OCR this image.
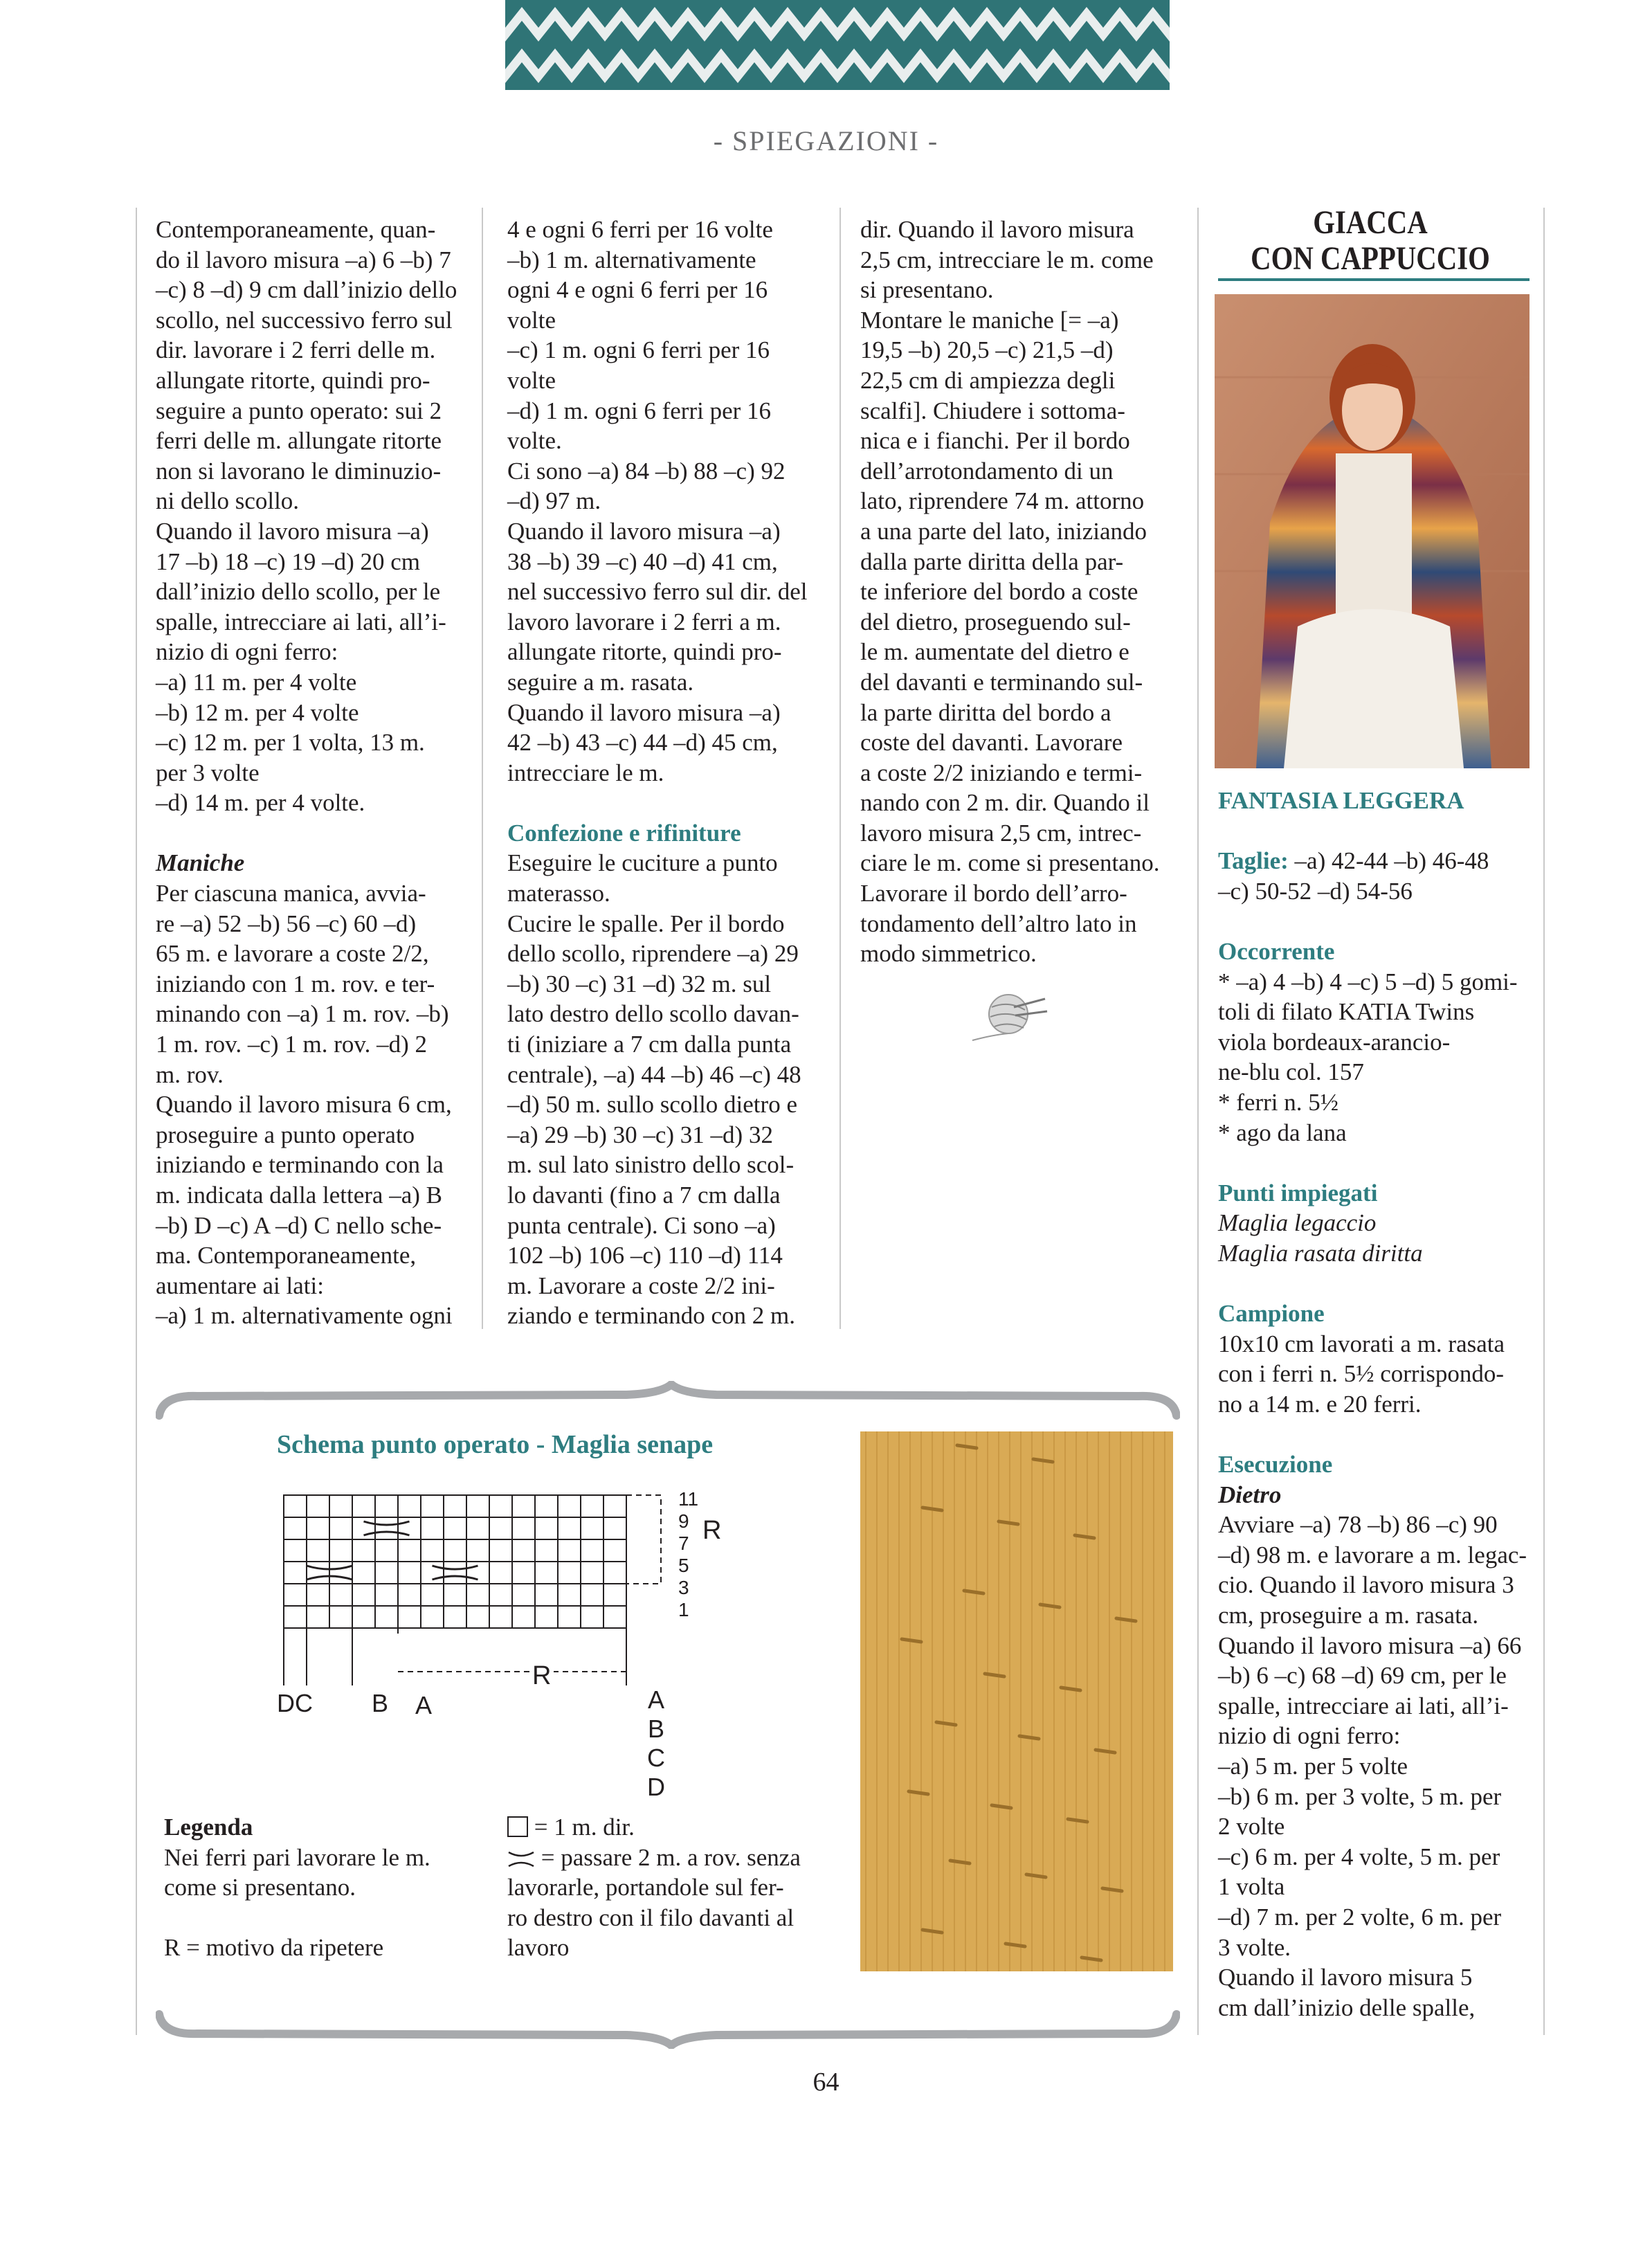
- SPIEGAZIONI -

Contemporaneamente, quan-

do il lavoro misura –a) 6 –b) 7

–c) 8 –d) 9 cm dall’inizio dello

scollo, nel successivo ferro sul

dir. lavorare i 2 ferri delle m.

allungate ritorte, quindi pro-

seguire a punto operato: sui 2

ferri delle m. allungate ritorte

non si lavorano le diminuzio-

ni dello scollo.

Quando il lavoro misura –a)

17 –b) 18 –c) 19 –d) 20 cm

dall’inizio dello scollo, per le

spalle, intrecciare ai lati, all’i-

nizio di ogni ferro:

–a) 11 m. per 4 volte

–b) 12 m. per 4 volte

–c) 12 m. per 1 volta, 13 m.

per 3 volte

–d) 14 m. per 4 volte.

Maniche

Per ciascuna manica, avvia-

re –a) 52 –b) 56 –c) 60 –d)

65 m. e lavorare a coste 2/2,

iniziando con 1 m. rov. e ter-

minando con –a) 1 m. rov. –b)

1 m. rov. –c) 1 m. rov. –d) 2

m. rov.

Quando il lavoro misura 6 cm,

proseguire a punto operato

iniziando e terminando con la

m. indicata dalla lettera –a) B

–b) D –c) A –d) C nello sche-

ma. Contemporaneamente,

aumentare ai lati:

–a) 1 m. alternativamente ogni

4 e ogni 6 ferri per 16 volte

–b) 1 m. alternativamente

ogni 4 e ogni 6 ferri per 16

volte

–c) 1 m. ogni 6 ferri per 16

volte

–d) 1 m. ogni 6 ferri per 16

volte.

Ci sono –a) 84 –b) 88 –c) 92

–d) 97 m.

Quando il lavoro misura –a)

38 –b) 39 –c) 40 –d) 41 cm,

nel successivo ferro sul dir. del

lavoro lavorare i 2 ferri a m.

allungate ritorte, quindi pro-

seguire a m. rasata.

Quando il lavoro misura –a)

42 –b) 43 –c) 44 –d) 45 cm,

intrecciare le m.

Confezione e rifiniture

Eseguire le cuciture a punto

materasso.

Cucire le spalle. Per il bordo

dello scollo, riprendere –a) 29

–b) 30 –c) 31 –d) 32 m. sul

lato destro dello scollo davan-

ti (iniziare a 7 cm dalla punta

centrale), –a) 44 –b) 46 –c) 48

–d) 50 m. sullo scollo dietro e

–a) 29 –b) 30 –c) 31 –d) 32

m. sul lato sinistro dello scol-

lo davanti (fino a 7 cm dalla

punta centrale). Ci sono –a)

102 –b) 106 –c) 110 –d) 114

m. Lavorare a coste 2/2 ini-

ziando e terminando con 2 m.

dir. Quando il lavoro misura

2,5 cm, intrecciare le m. come

si presentano.

Montare le maniche [= –a)

19,5 –b) 20,5 –c) 21,5 –d)

22,5 cm di ampiezza degli

scalfi]. Chiudere i sottoma-

nica e i fianchi. Per il bordo

dell’arrotondamento di un

lato, riprendere 74 m. attorno

a una parte del lato, iniziando

dalla parte diritta della par-

te inferiore del bordo a coste

del dietro, proseguendo sul-

le m. aumentate del dietro e

del davanti e terminando sul-

la parte diritta del bordo a

coste del davanti. Lavorare

a coste 2/2 iniziando e termi-

nando con 2 m. dir. Quando il

lavoro misura 2,5 cm, intrec-

ciare le m. come si presentano.

Lavorare il bordo dell’arro-

tondamento dell’altro lato in

modo simmetrico.

GIACCA
CON CAPPUCCIO

FANTASIA LEGGERA

Taglie: –a) 42-44 –b) 46-48

–c) 50-52 –d) 54-56

Occorrente

* –a) 4 –b) 4 –c) 5 –d) 5 gomi-

toli di filato KATIA Twins

viola bordeaux-arancio-

ne-blu col. 157

* ferri n. 5½

* ago da lana

Punti impiegati

Maglia legaccio

Maglia rasata diritta

Campione

10x10 cm lavorati a m. rasata

con i ferri n. 5½ corrispondo-

no a 14 m. e 20 ferri.

Esecuzione

Dietro

Avviare –a) 78 –b) 86 –c) 90

–d) 98 m. e lavorare a m. legac-

cio. Quando il lavoro misura 3

cm, proseguire a m. rasata.

Quando il lavoro misura –a) 66

–b) 6 –c) 68 –d) 69 cm, per le

spalle, intrecciare ai lati, all’i-

nizio di ogni ferro:

–a) 5 m. per 5 volte

–b) 6 m. per 3 volte, 5 m. per

2 volte

–c) 6 m. per 4 volte, 5 m. per

1 volta

–d) 7 m. per 2 volte, 6 m. per

3 volte.

Quando il lavoro misura 5

cm dall’inizio delle spalle,

Schema punto operato - Maglia senape
11
9
7
5
3
1
R
R
DC B A	A
B
C
D

Legenda

Nei ferri pari lavorare le m.

come si presentano.

R = motivo da ripetere

= 1 m. dir.

= passare 2 m. a rov. senza

lavorarle, portandole sul fer-

ro destro con il filo davanti al

lavoro

64
